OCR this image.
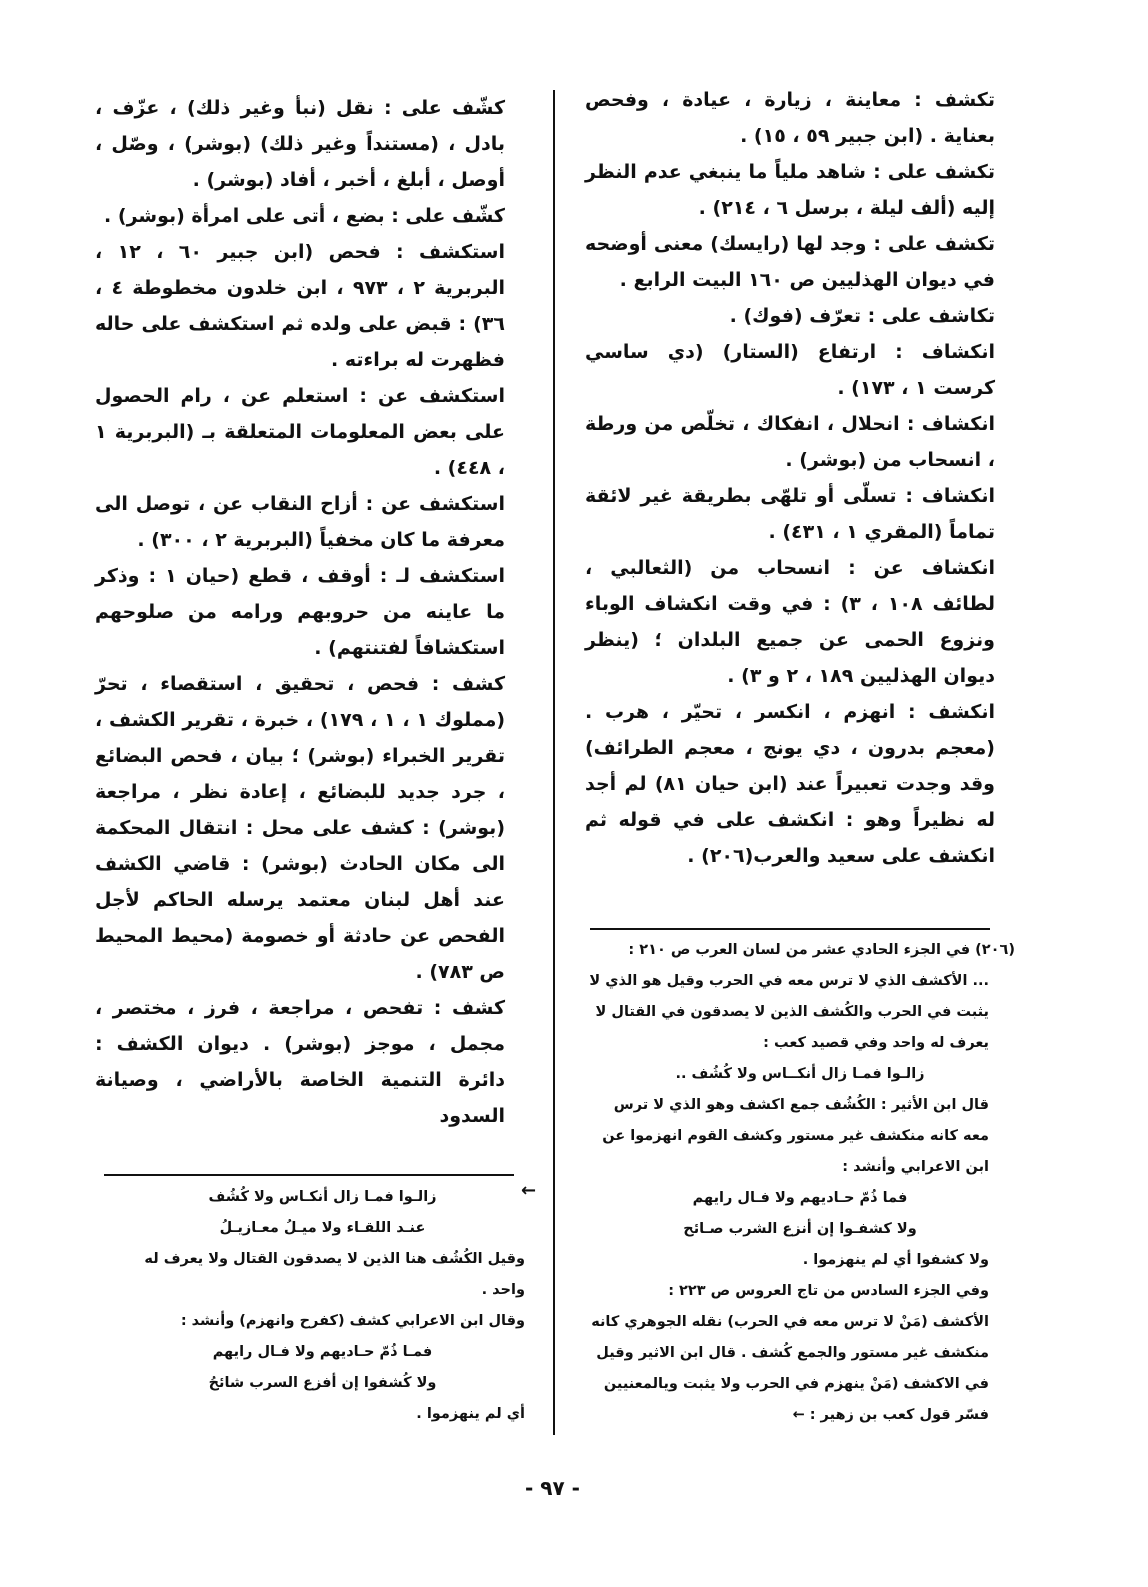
تكشف : معاينة ، زيارة ، عيادة ، وفحص بعناية . (ابن جبير ٥٩ ، ١٥) .

تكشف على : شاهد ملياً ما ينبغي عدم النظر إليه (ألف ليلة ، برسل ٦ ، ٢١٤) .

تكشف على : وجد لها (رايسك) معنى أوضحه في ديوان الهذليين ص ١٦٠ البيت الرابع .

تكاشف على : تعرّف (فوك) .

انكشاف : ارتفاع (الستار) (دي ساسي كرست ١ ، ١٧٣) .

انكشاف : انحلال ، انفكاك ، تخلّص من ورطة ، انسحاب من (بوشر) .

انكشاف : تسلّى أو تلهّى بطريقة غير لائقة تماماً (المقري ١ ، ٤٣١) .

انكشاف عن : انسحاب من (الثعالبي ، لطائف ١٠٨ ، ٣) : في وقت انكشاف الوباء ونزوع الحمى عن جميع البلدان ؛ (ينظر ديوان الهذليين ١٨٩ ، ٢ و ٣) .

انكشف : انهزم ، انكسر ، تحيّر ، هرب . (معجم بدرون ، دي يونج ، معجم الطرائف) وقد وجدت تعبيراً عند (ابن حيان ٨١) لم أجد له نظيراً وهو : انكشف على في قوله ثم انكشف على سعيد والعرب(٢٠٦) .

كشّف على : نقل (نبأ وغير ذلك) ، عزّف ، بادل ، (مستنداً وغير ذلك) (بوشر) ، وصّل ، أوصل ، أبلغ ، أخبر ، أفاد (بوشر) .

كشّف على : بضع ، أتى على امرأة (بوشر) .

استكشف : فحص (ابن جبير ٦٠ ، ١٢ ، البربرية ٢ ، ٩٧٣ ، ابن خلدون مخطوطة ٤ ، ٣٦) : قبض على ولده ثم استكشف على حاله فظهرت له براءته .

استكشف عن : استعلم عن ، رام الحصول على بعض المعلومات المتعلقة بـ (البربرية ١ ، ٤٤٨) .

استكشف عن : أزاح النقاب عن ، توصل الى معرفة ما كان مخفياً (البربرية ٢ ، ٣٠٠) .

استكشف لـ : أوقف ، قطع (حيان ١ : وذكر ما عاينه من حروبهم ورامه من صلوحهم استكشافاً لفتنتهم) .

كشف : فحص ، تحقيق ، استقصاء ، تحرّ (مملوك ١ ، ١ ، ١٧٩) ، خبرة ، تقرير الكشف ، تقرير الخبراء (بوشر) ؛ بيان ، فحص البضائع ، جرد جديد للبضائع ، إعادة نظر ، مراجعة (بوشر) : كشف على محل : انتقال المحكمة الى مكان الحادث (بوشر) : قاضي الكشف عند أهل لبنان معتمد يرسله الحاكم لأجل الفحص عن حادثة أو خصومة (محيط المحيط ص ٧٨٣) .

كشف : تفحص ، مراجعة ، فرز ، مختصر ، مجمل ، موجز (بوشر) . ديوان الكشف : دائرة التنمية الخاصة بالأراضي ، وصيانة السدود

(٢٠٦) في الجزء الحادي عشر من لسان العرب ص ٢١٠ :

... الأكشف الذي لا ترس معه في الحرب وقيل هو الذي لا يثبت في الحرب والكُشف الذين لا يصدقون في القتال لا يعرف له واحد وفي قصيد كعب :

زالـوا فمـا زال أنكــاس ولا كُشُف ..

قال ابن الأثير : الكُشُف جمع اكشف وهو الذي لا ترس معه كانه منكشف غير مستور وكشف القوم انهزموا عن ابن الاعرابي وأنشد :

فما ذُمّ حـاديهم ولا فـال رايهم

ولا كشفـوا إن أنزع الشرب صـائح

ولا كشفوا أي لم ينهزموا .

وفي الجزء السادس من تاج العروس ص ٢٢٣ :

الأكشف (مَنْ لا ترس معه في الحرب) نقله الجوهري كانه منكشف غير مستور والجمع كُشف . قال ابن الاثير وقيل في الاكشف (مَنْ ينهزم في الحرب ولا يثبت ويالمعنيين فسّر قول كعب بن زهير : ←

زالـوا فمـا زال أنكـاس ولا كُشُف

عنـد اللقـاء ولا ميـلُ معـازيـلُ

وقيل الكُشُف هنا الذين لا يصدقون القتال ولا يعرف له واحد .

وقال ابن الاعرابي كشف (كفرح وانهزم) وأنشد :

فمـا ذُمّ حـاديهم ولا فـال رايهم

ولا كُشفوا إن أفزع السرب شائحُ

أي لم ينهزموا .

←
- ٩٧ -
